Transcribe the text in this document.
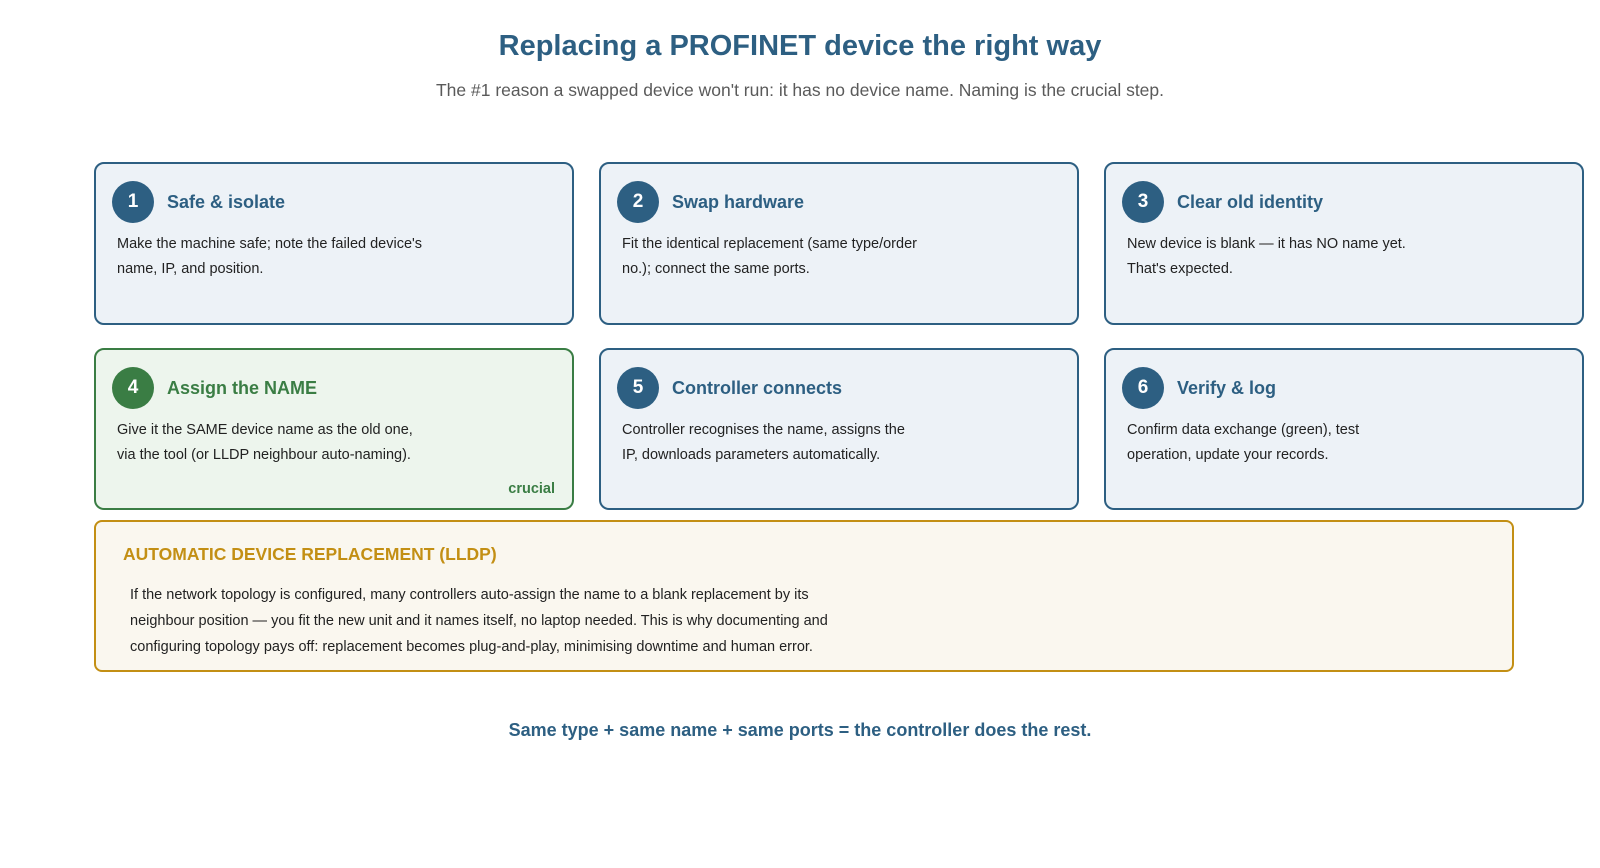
Replacing a PROFINET device the right way
The #1 reason a swapped device won't run: it has no device name. Naming is the crucial step.
1	Safe & isolate
Make the machine safe; note the failed device's name, IP, and position.
2	Swap hardware
Fit the identical replacement (same type/order no.); connect the same ports.
3	Clear old identity
New device is blank — it has NO name yet. That's expected.
4	Assign the NAME
Give it the SAME device name as the old one, via the tool (or LLDP neighbour auto-naming).
crucial
5	Controller connects
Controller recognises the name, assigns the IP, downloads parameters automatically.
6	Verify & log
Confirm data exchange (green), test operation, update your records.
AUTOMATIC DEVICE REPLACEMENT (LLDP)
If the network topology is configured, many controllers auto-assign the name to a blank replacement by its neighbour position — you fit the new unit and it names itself, no laptop needed. This is why documenting and configuring topology pays off: replacement becomes plug-and-play, minimising downtime and human error.
Same type + same name + same ports = the controller does the rest.
